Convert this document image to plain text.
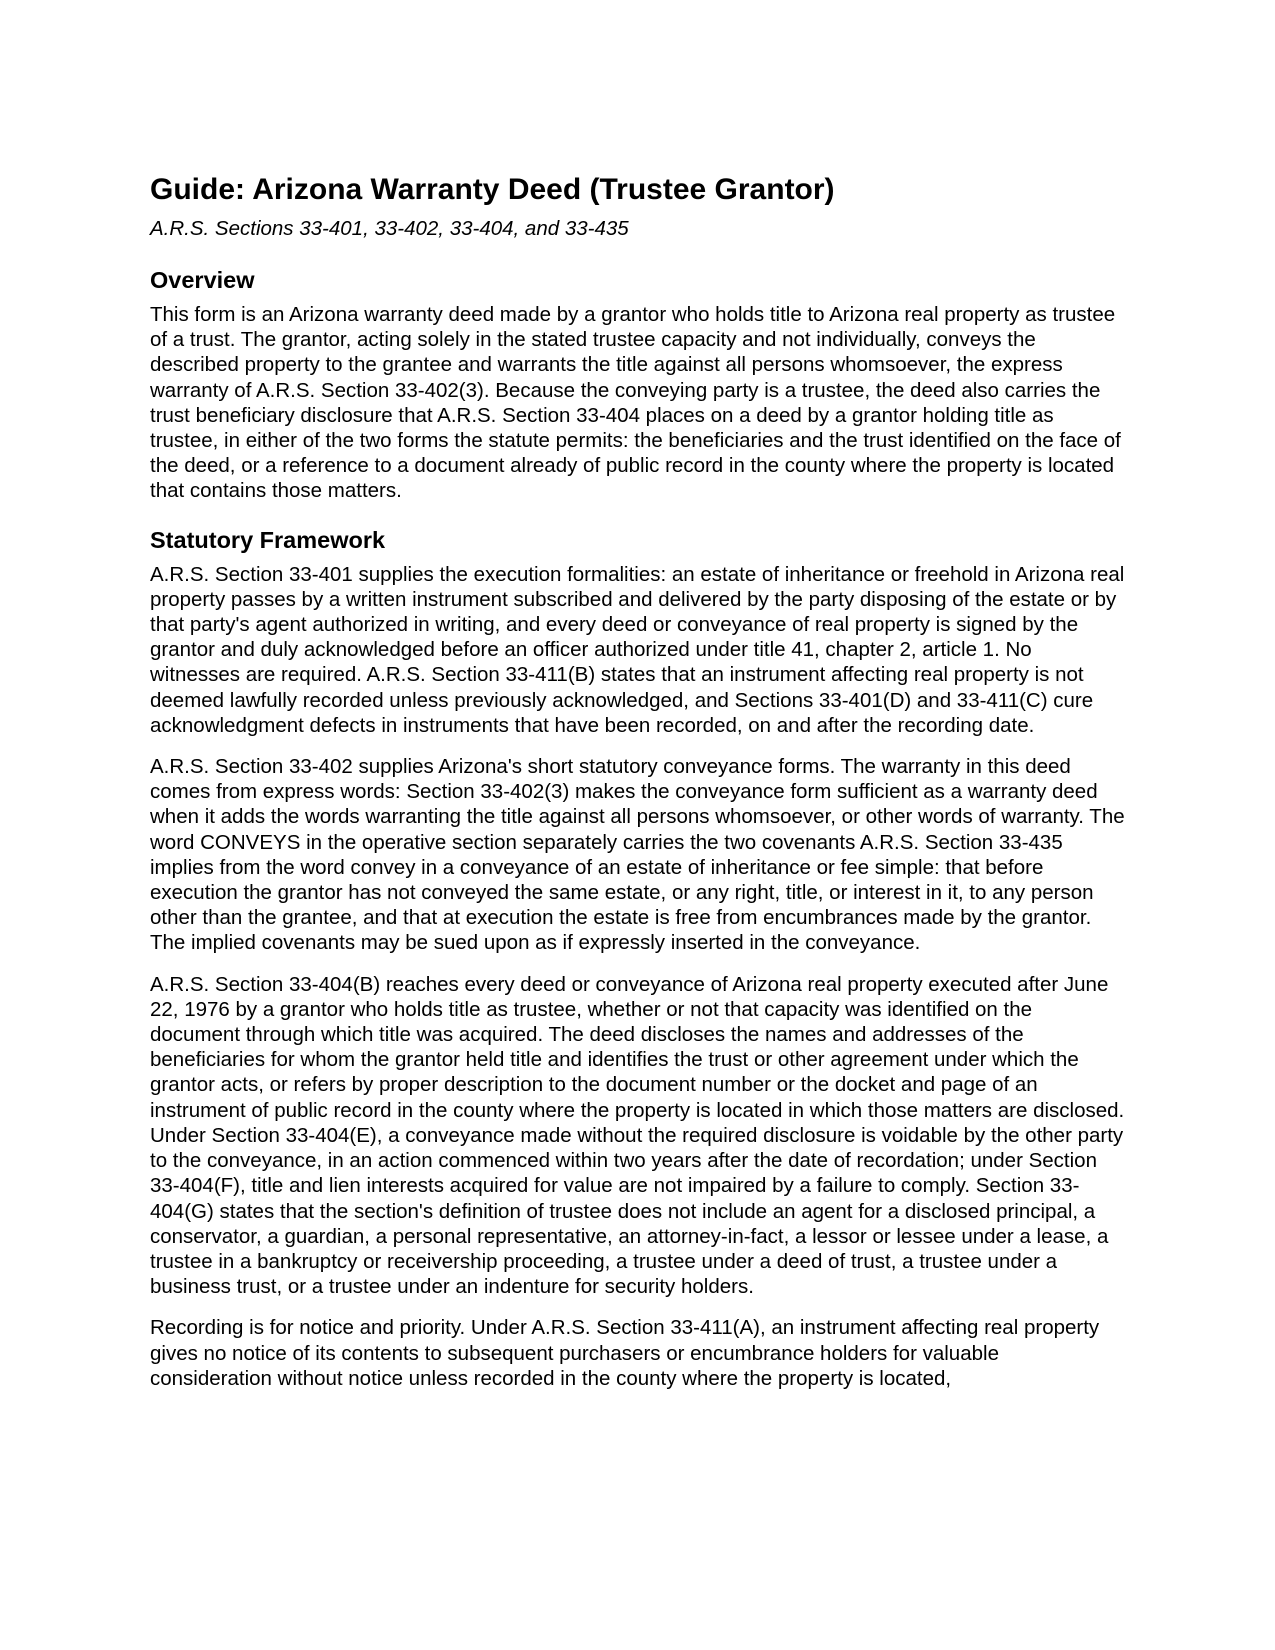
Guide: Arizona Warranty Deed (Trustee Grantor)
A.R.S. Sections 33-401, 33-402, 33-404, and 33-435
Overview

This form is an Arizona warranty deed made by a grantor who holds title to Arizona real property as trustee of a trust. The grantor, acting solely in the stated trustee capacity and not individually, conveys the described property to the grantee and warrants the title against all persons whomsoever, the express warranty of A.R.S. Section 33-402(3). Because the conveying party is a trustee, the deed also carries the trust beneficiary disclosure that A.R.S. Section 33-404 places on a deed by a grantor holding title as trustee, in either of the two forms the statute permits: the beneficiaries and the trust identified on the face of the deed, or a reference to a document already of public record in the county where the property is located that contains those matters.

Statutory Framework

A.R.S. Section 33-401 supplies the execution formalities: an estate of inheritance or freehold in Arizona real property passes by a written instrument subscribed and delivered by the party disposing of the estate or by that party's agent authorized in writing, and every deed or conveyance of real property is signed by the grantor and duly acknowledged before an officer authorized under title 41, chapter 2, article 1. No witnesses are required. A.R.S. Section 33-411(B) states that an instrument affecting real property is not deemed lawfully recorded unless previously acknowledged, and Sections 33-401(D) and 33-411(C) cure acknowledgment defects in instruments that have been recorded, on and after the recording date.

A.R.S. Section 33-402 supplies Arizona's short statutory conveyance forms. The warranty in this deed comes from express words: Section 33-402(3) makes the conveyance form sufficient as a warranty deed when it adds the words warranting the title against all persons whomsoever, or other words of warranty. The word CONVEYS in the operative section separately carries the two covenants A.R.S. Section 33-435 implies from the word convey in a conveyance of an estate of inheritance or fee simple: that before execution the grantor has not conveyed the same estate, or any right, title, or interest in it, to any person other than the grantee, and that at execution the estate is free from encumbrances made by the grantor. The implied covenants may be sued upon as if expressly inserted in the conveyance.

A.R.S. Section 33-404(B) reaches every deed or conveyance of Arizona real property executed after June 22, 1976 by a grantor who holds title as trustee, whether or not that capacity was identified on the document through which title was acquired. The deed discloses the names and addresses of the beneficiaries for whom the grantor held title and identifies the trust or other agreement under which the grantor acts, or refers by proper description to the document number or the docket and page of an instrument of public record in the county where the property is located in which those matters are disclosed. Under Section 33-404(E), a conveyance made without the required disclosure is voidable by the other party to the conveyance, in an action commenced within two years after the date of recordation; under Section 33-404(F), title and lien interests acquired for value are not impaired by a failure to comply. Section 33-404(G) states that the section's definition of trustee does not include an agent for a disclosed principal, a conservator, a guardian, a personal representative, an attorney-in-fact, a lessor or lessee under a lease, a trustee in a bankruptcy or receivership proceeding, a trustee under a deed of trust, a trustee under a business trust, or a trustee under an indenture for security holders.

Recording is for notice and priority. Under A.R.S. Section 33-411(A), an instrument affecting real property gives no notice of its contents to subsequent purchasers or encumbrance holders for valuable consideration without notice unless recorded in the county where the property is located,
